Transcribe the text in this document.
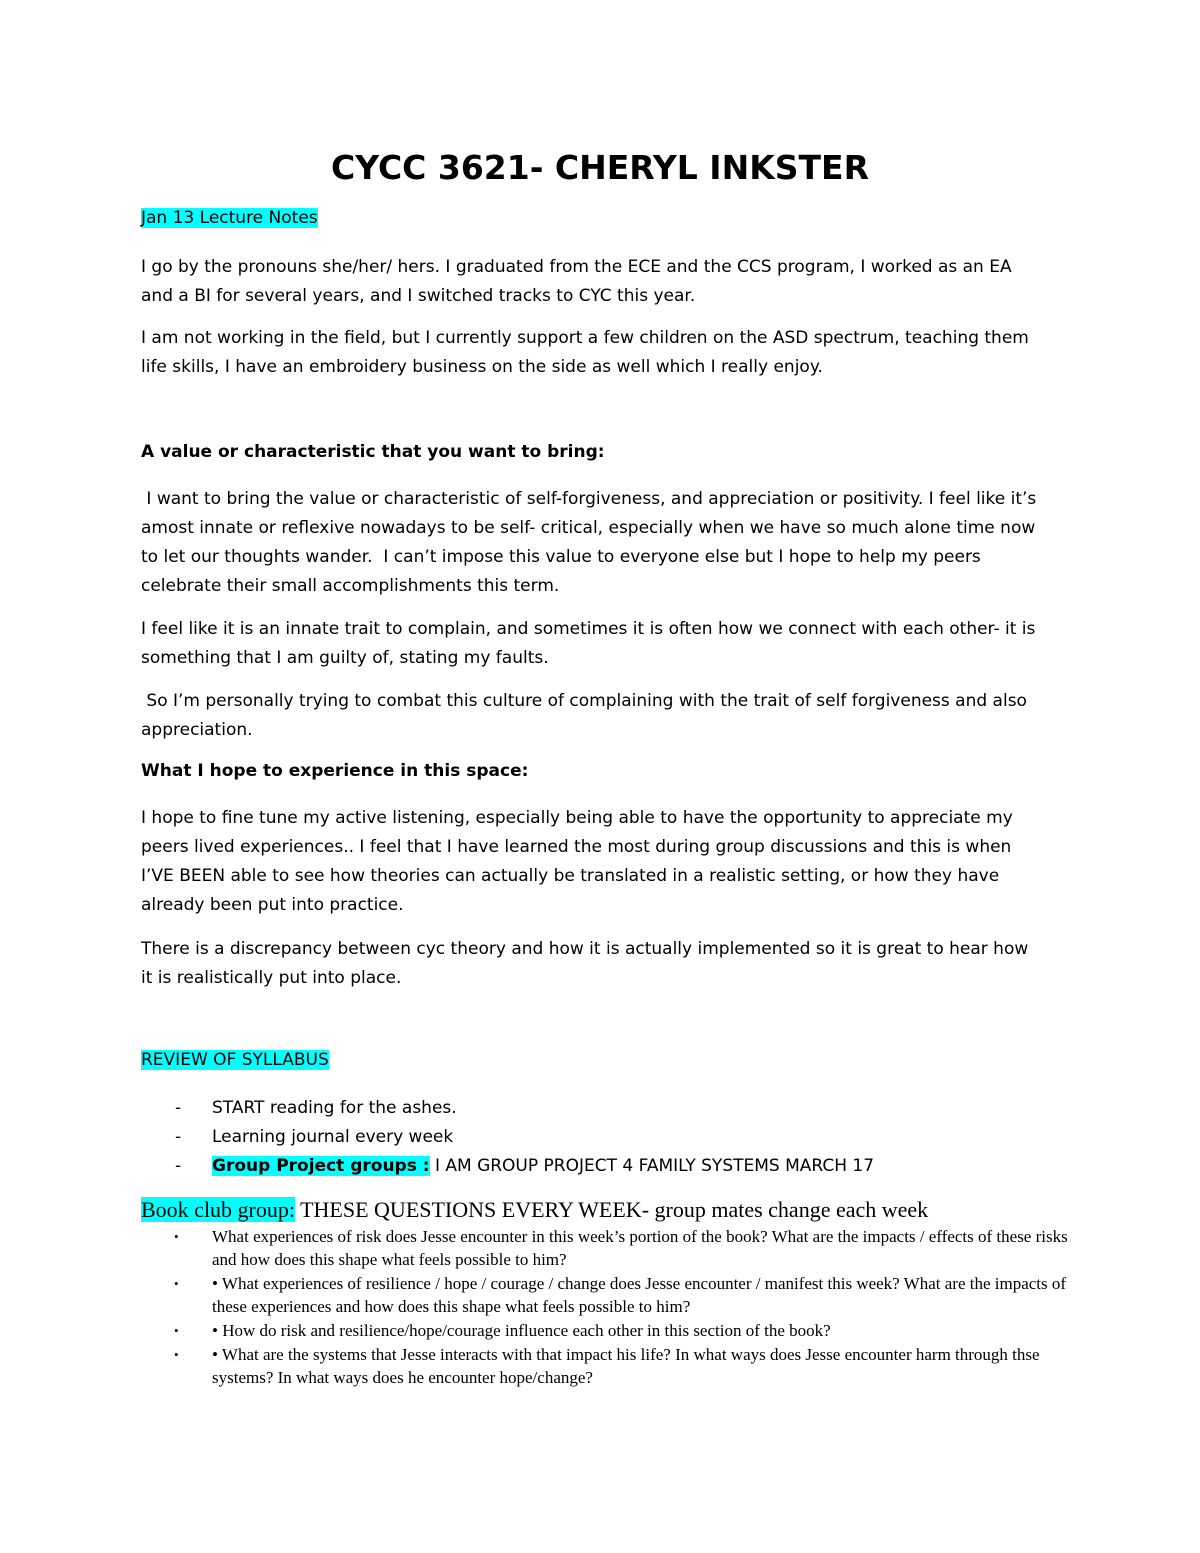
CYCC 3621- CHERYL INKSTER
Jan 13 Lecture Notes
I go by the pronouns she/her/ hers. I graduated from the ECE and the CCS program, I worked as an EA
and a BI for several years, and I switched tracks to CYC this year.
I am not working in the field, but I currently support a few children on the ASD spectrum, teaching them
life skills, I have an embroidery business on the side as well which I really enjoy.
A value or characteristic that you want to bring:
I want to bring the value or characteristic of self-forgiveness, and appreciation or positivity. I feel like it’s
amost innate or reflexive nowadays to be self- critical, especially when we have so much alone time now
to let our thoughts wander.  I can’t impose this value to everyone else but I hope to help my peers
celebrate their small accomplishments this term.
I feel like it is an innate trait to complain, and sometimes it is often how we connect with each other- it is
something that I am guilty of, stating my faults.
So I’m personally trying to combat this culture of complaining with the trait of self forgiveness and also
appreciation.
What I hope to experience in this space:
I hope to fine tune my active listening, especially being able to have the opportunity to appreciate my
peers lived experiences.. I feel that I have learned the most during group discussions and this is when
I’VE BEEN able to see how theories can actually be translated in a realistic setting, or how they have
already been put into practice.
There is a discrepancy between cyc theory and how it is actually implemented so it is great to hear how
it is realistically put into place.
REVIEW OF SYLLABUS
- START reading for the ashes.
- Learning journal every week
- Group Project groups : I AM GROUP PROJECT 4 FAMILY SYSTEMS MARCH 17
Book club group: THESE QUESTIONS EVERY WEEK- group mates change each week
• What experiences of risk does Jesse encounter in this week’s portion of the book? What are the impacts / effects of these risks and how does this shape what feels possible to him?
• • What experiences of resilience / hope / courage / change does Jesse encounter / manifest this week? What are the impacts of these experiences and how does this shape what feels possible to him?
• • How do risk and resilience/hope/courage influence each other in this section of the book?
• • What are the systems that Jesse interacts with that impact his life? In what ways does Jesse encounter harm through thse systems? In what ways does he encounter hope/change?
